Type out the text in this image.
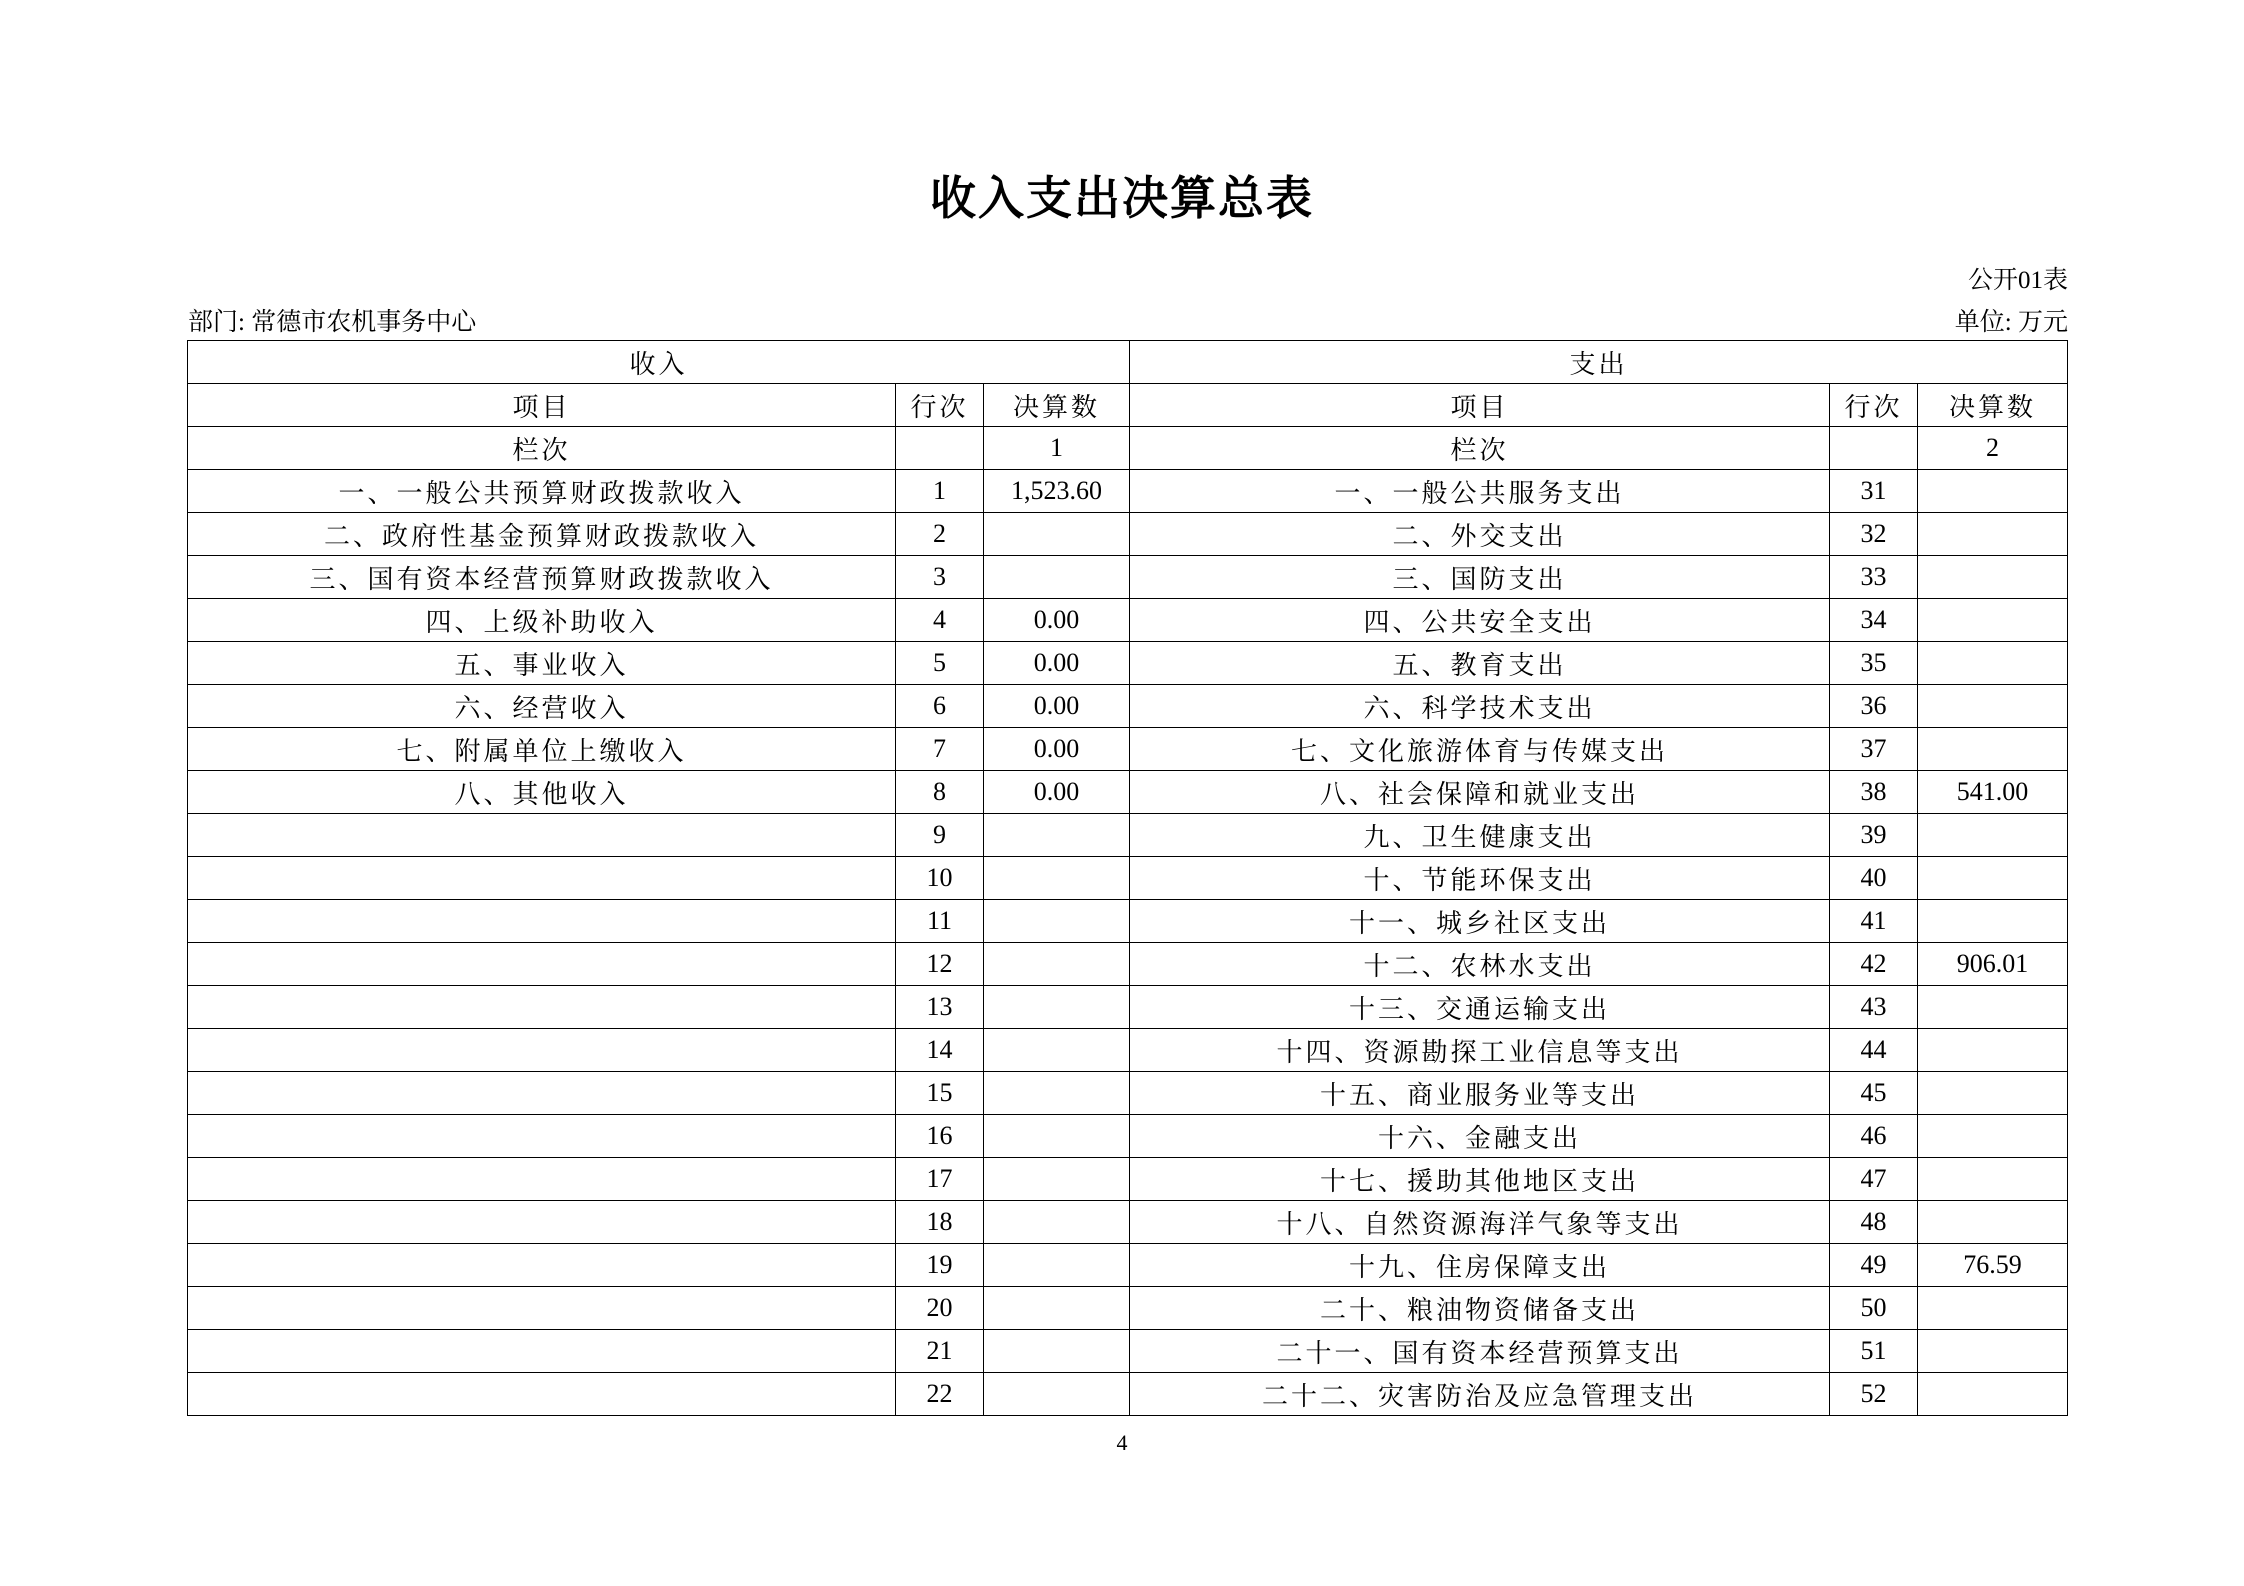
收入支出决算总表
公开01表
部门: 常德市农机事务中心	单位: 万元
收入			支出		
项目	行次	决算数	项目	行次	决算数
栏次		1	栏次		2
一、一般公共预算财政拨款收入	1	1,523.60	一、一般公共服务支出	31	
二、政府性基金预算财政拨款收入	2		二、外交支出	32	
三、国有资本经营预算财政拨款收入	3		三、国防支出	33	
四、上级补助收入	4	0.00	四、公共安全支出	34	
五、事业收入	5	0.00	五、教育支出	35	
六、经营收入	6	0.00	六、科学技术支出	36	
七、附属单位上缴收入	7	0.00	七、文化旅游体育与传媒支出	37	
八、其他收入	8	0.00	八、社会保障和就业支出	38	541.00
	9		九、卫生健康支出	39	
	10		十、节能环保支出	40	
	11		十一、城乡社区支出	41	
	12		十二、农林水支出	42	906.01
	13		十三、交通运输支出	43	
	14		十四、资源勘探工业信息等支出	44	
	15		十五、商业服务业等支出	45	
	16		十六、金融支出	46	
	17		十七、援助其他地区支出	47	
	18		十八、自然资源海洋气象等支出	48	
	19		十九、住房保障支出	49	76.59
	20		二十、粮油物资储备支出	50	
	21		二十一、国有资本经营预算支出	51	
	22		二十二、灾害防治及应急管理支出	52	
4
